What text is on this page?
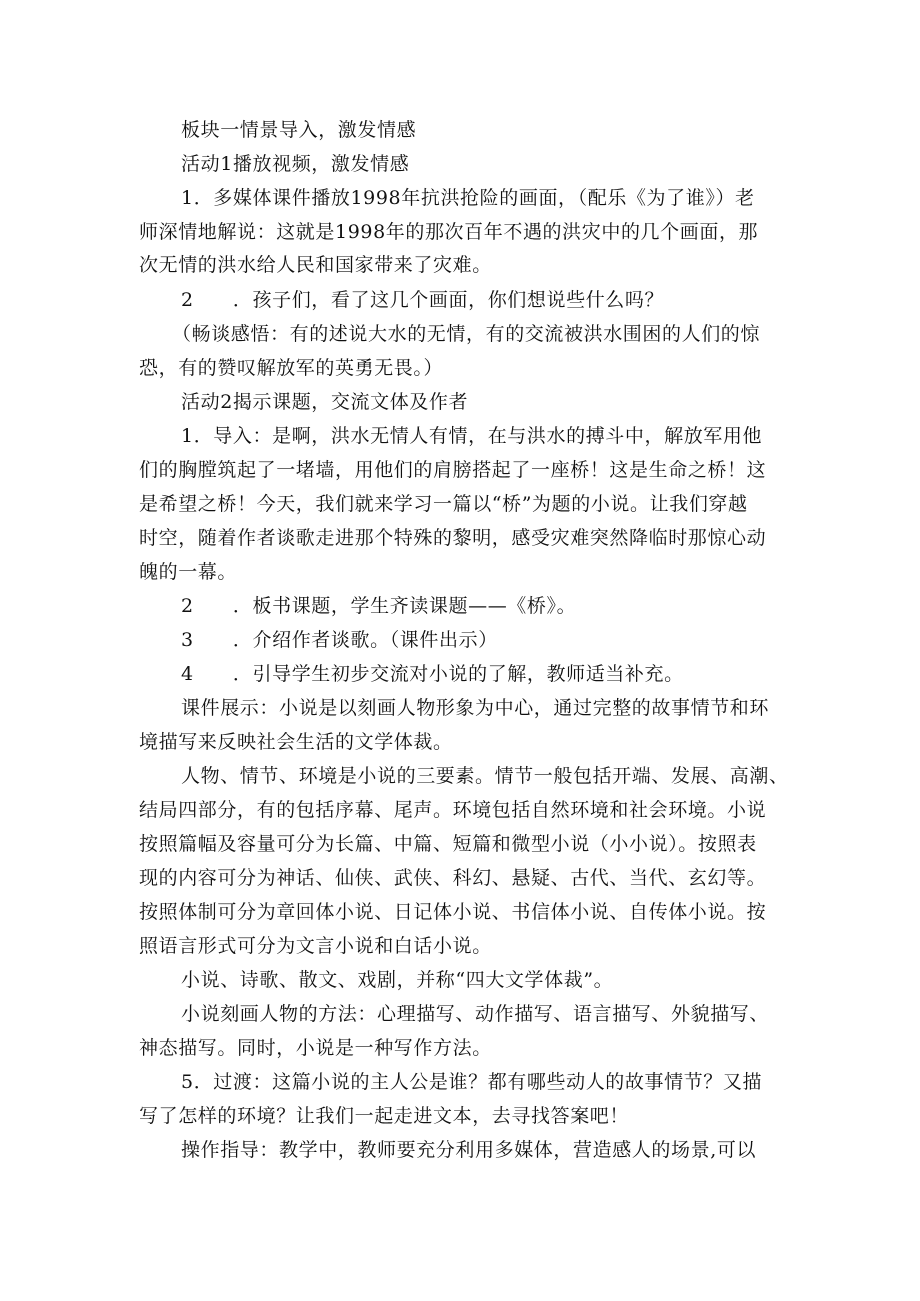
板块一情景导入，激发情感
活动1播放视频，激发情感
1．多媒体课件播放1998年抗洪抢险的画面，（配乐《为了谁》）老
师深情地解说：这就是1998年的那次百年不遇的洪灾中的几个画面，那
次无情的洪水给人民和国家带来了灾难。
2　　．孩子们，看了这几个画面，你们想说些什么吗？
（畅谈感悟：有的述说大水的无情，有的交流被洪水围困的人们的惊
恐，有的赞叹解放军的英勇无畏。）
活动2揭示课题，交流文体及作者
1．导入：是啊，洪水无情人有情，在与洪水的搏斗中，解放军用他
们的胸膛筑起了一堵墙，用他们的肩膀搭起了一座桥！这是生命之桥！这
是希望之桥！今天，我们就来学习一篇以“桥”为题的小说。让我们穿越
时空，随着作者谈歌走进那个特殊的黎明，感受灾难突然降临时那惊心动
魄的一幕。
2　　．板书课题，学生齐读课题——《桥》。
3　　．介绍作者谈歌。（课件出示）
4　　．引导学生初步交流对小说的了解，教师适当补充。
课件展示：小说是以刻画人物形象为中心，通过完整的故事情节和环
境描写来反映社会生活的文学体裁。
人物、情节、环境是小说的三要素。情节一般包括开端、发展、高潮、
结局四部分，有的包括序幕、尾声。环境包括自然环境和社会环境。小说
按照篇幅及容量可分为长篇、中篇、短篇和微型小说（小小说）。按照表
现的内容可分为神话、仙侠、武侠、科幻、悬疑、古代、当代、玄幻等。
按照体制可分为章回体小说、日记体小说、书信体小说、自传体小说。按
照语言形式可分为文言小说和白话小说。
小说、诗歌、散文、戏剧，并称“四大文学体裁”。
小说刻画人物的方法：心理描写、动作描写、语言描写、外貌描写、
神态描写。同时，小说是一种写作方法。
5．过渡：这篇小说的主人公是谁？都有哪些动人的故事情节？又描
写了怎样的环境？让我们一起走进文本，去寻找答案吧！
操作指导：教学中，教师要充分利用多媒体，营造感人的场景,可以
